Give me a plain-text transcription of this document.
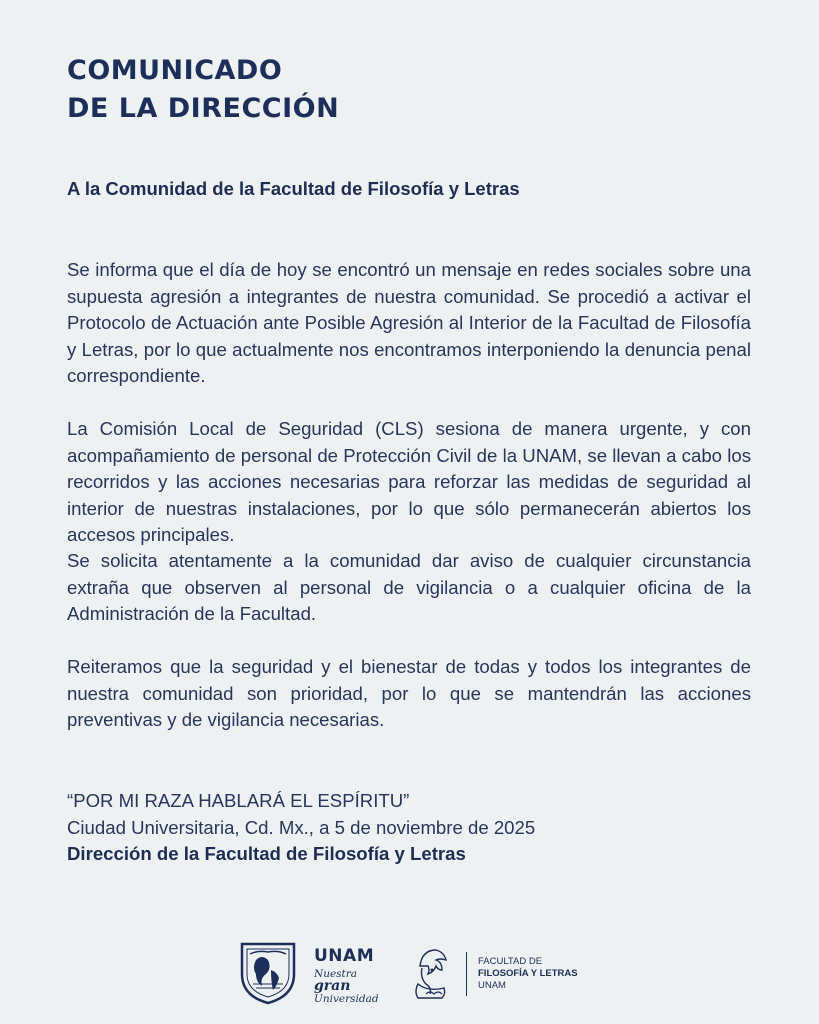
COMUNICADO
DE LA DIRECCIÓN

A la Comunidad de la Facultad de Filosofía y Letras

Se informa que el día de hoy se encontró un mensaje en redes sociales sobre una supuesta agresión a integrantes de nuestra comunidad. Se procedió a activar el Protocolo de Actuación ante Posible Agresión al Interior de la Facultad de Filosofía y Letras, por lo que actualmente nos encontramos interponiendo la denuncia penal correspondiente.

La Comisión Local de Seguridad (CLS) sesiona de manera urgente, y con acompañamiento de personal de Protección Civil de la UNAM, se llevan a cabo los recorridos y las acciones necesarias para reforzar las medidas de seguridad al interior de nuestras instalaciones, por lo que sólo permanecerán abiertos los accesos principales.

Se solicita atentamente a la comunidad dar aviso de cualquier circunstancia extraña que observen al personal de vigilancia o a cualquier oficina de la Administración de la Facultad.

Reiteramos que la seguridad y el bienestar de todas y todos los integrantes de nuestra comunidad son prioridad, por lo que se mantendrán las acciones preventivas y de vigilancia necesarias.

“POR MI RAZA HABLARÁ EL ESPÍRITU”
Ciudad Universitaria, Cd. Mx., a 5 de noviembre de 2025
Dirección de la Facultad de Filosofía y Letras
UNAM
Nuestra gran
Universidad
FACULTAD DE
FILOSOFÍA Y LETRAS
UNAM
